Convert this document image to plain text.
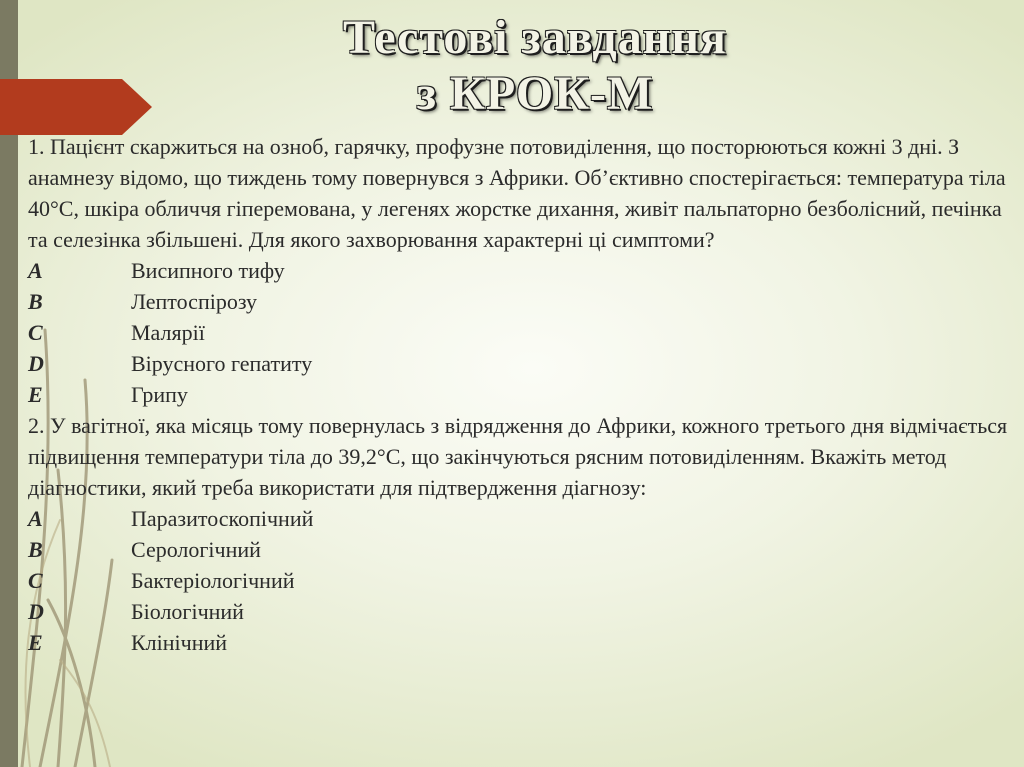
Тестові завдання
з КРОК-М

1. Пацієнт скаржиться на озноб, гарячку, профузне потовиділення, що посторюються кожні 3 дні. З анамнезу відомо, що тиждень тому повернувся з Африки. Об’єктивно спостерігається: температура тіла 40°С, шкіра обличчя гіперемована, у легенях жорстке дихання, живіт пальпаторно безболісний, печінка та селезінка збільшені. Для якого захворювання характерні ці симптоми?

A	Висипного тифу
B	Лептоспірозу
C	Малярії
D	Вірусного гепатиту
E	Грипу

2. У вагітної, яка місяць тому повернулась з відрядження до Африки, кожного третього дня відмічається підвищення температури тіла до 39,2°С, що закінчуються рясним потовиділенням. Вкажіть метод діагностики, який треба використати для підтвердження діагнозу:

A	Паразитоскопічний
B	Серологічний
C	Бактеріологічний
D	Біологічний
E	Клінічний
